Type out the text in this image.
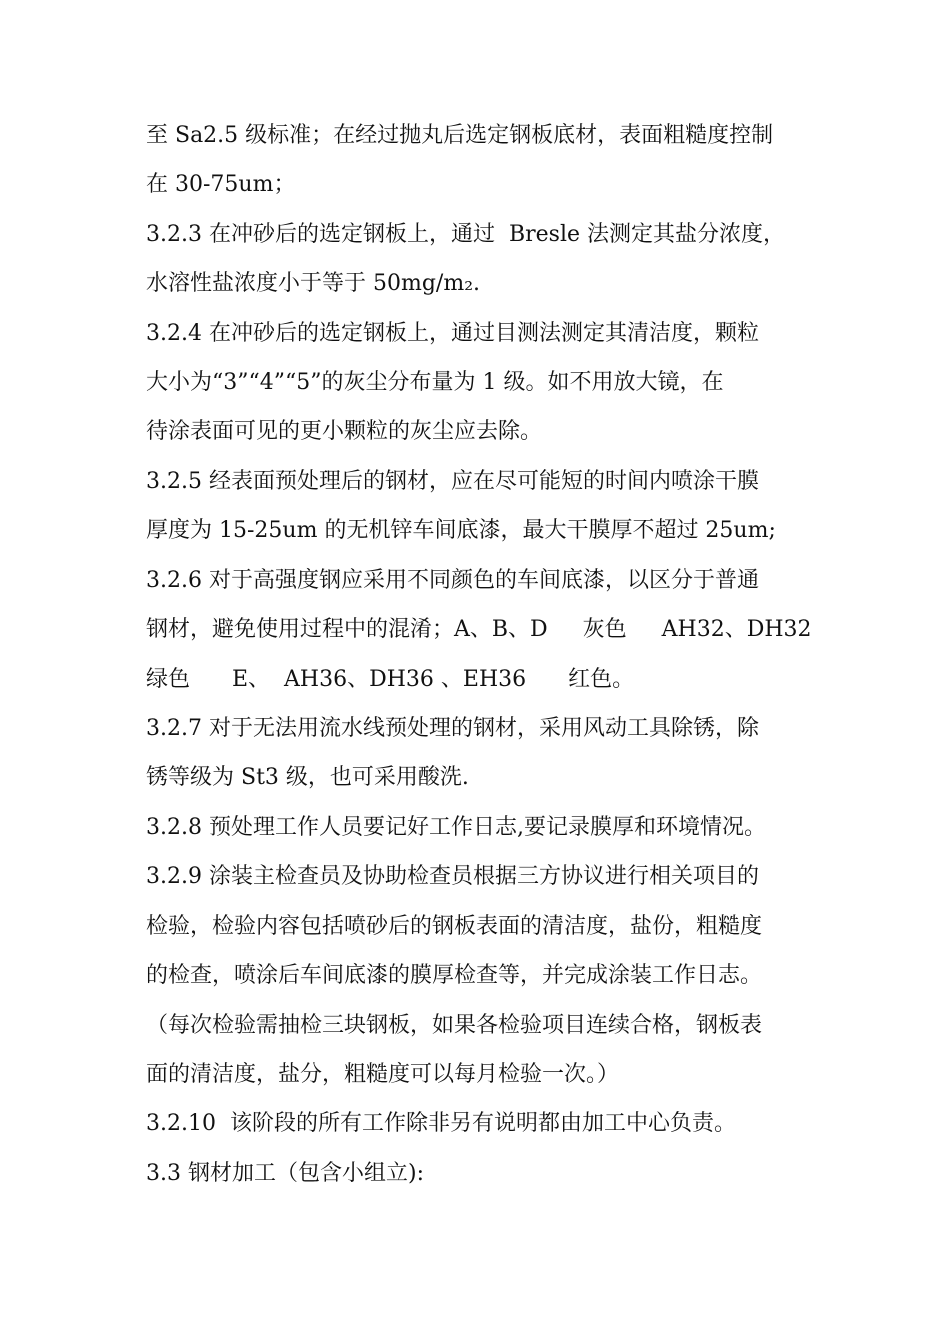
至 Sa2.5 级标准；在经过抛丸后选定钢板底材，表面粗糙度控制
在 30-75um；
3.2.3 在冲砂后的选定钢板上，通过  Bresle 法测定其盐分浓度，
水溶性盐浓度小于等于 50mg/m₂.
3.2.4 在冲砂后的选定钢板上，通过目测法测定其清洁度，颗粒
大小为“3”“4”“5”的灰尘分布量为 1 级。如不用放大镜，在
待涂表面可见的更小颗粒的灰尘应去除。
3.2.5 经表面预处理后的钢材，应在尽可能短的时间内喷涂干膜
厚度为 15-25um 的无机锌车间底漆，最大干膜厚不超过 25um;
3.2.6 对于高强度钢应采用不同颜色的车间底漆，以区分于普通
钢材，避免使用过程中的混淆；A、B、D     灰色     AH32、DH32
绿色      E、  AH36、DH36 、EH36      红色。
3.2.7 对于无法用流水线预处理的钢材，采用风动工具除锈，除
锈等级为 St3 级，也可采用酸洗.
3.2.8 预处理工作人员要记好工作日志,要记录膜厚和环境情况。
3.2.9 涂装主检查员及协助检查员根据三方协议进行相关项目的
检验，检验内容包括喷砂后的钢板表面的清洁度，盐份，粗糙度
的检查，喷涂后车间底漆的膜厚检查等，并完成涂装工作日志。
（每次检验需抽检三块钢板，如果各检验项目连续合格，钢板表
面的清洁度，盐分，粗糙度可以每月检验一次。）
3.2.10  该阶段的所有工作除非另有说明都由加工中心负责。
3.3 钢材加工（包含小组立):
